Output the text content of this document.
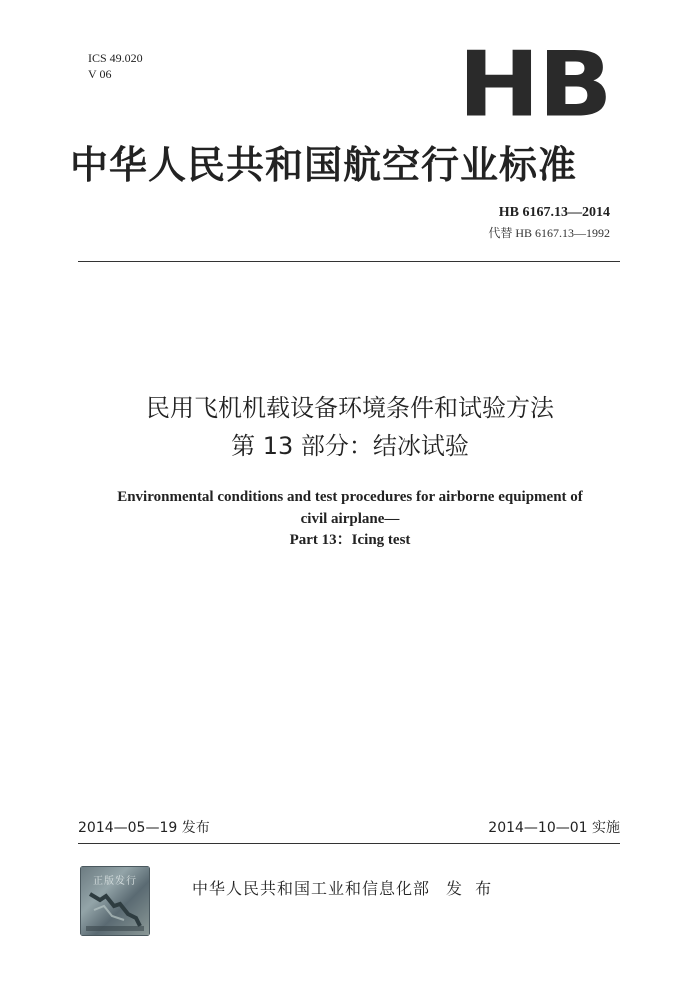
ICS 49.020
V 06	HB
中华人民共和国航空行业标准
HB 6167.13—2014
代替 HB 6167.13—1992
民用飞机机载设备环境条件和试验方法
第 13 部分：结冰试验
Environmental conditions and test procedures for airborne equipment of
civil airplane—
Part 13：Icing test
2014—05—19 发布	2014—10—01 实施
正版发行	中华人民共和国工业和信息化部 发 布
